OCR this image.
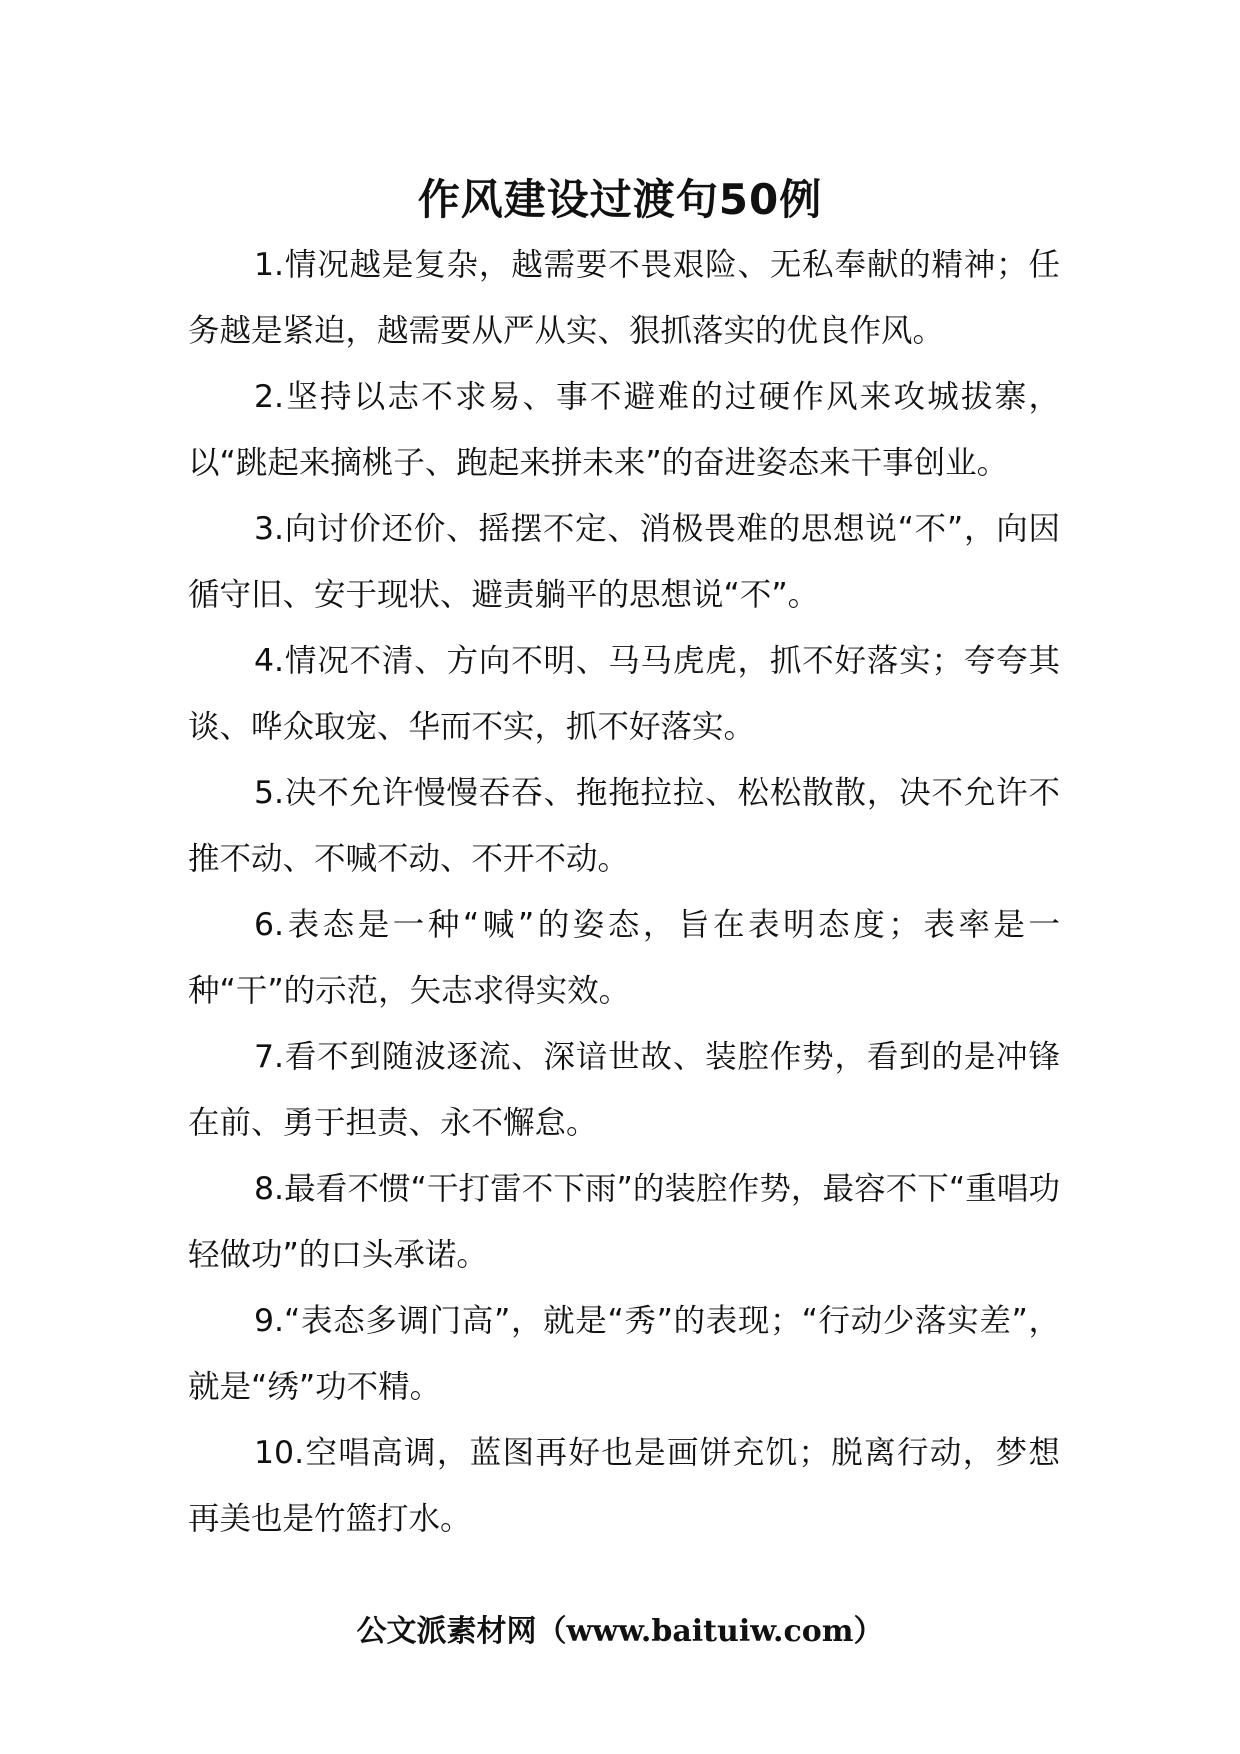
作风建设过渡句50例

1.情况越是复杂，越需要不畏艰险、无私奉献的精神；任务越是紧迫，越需要从严从实、狠抓落实的优良作风。

2.坚持以志不求易、事不避难的过硬作风来攻城拔寨，以“跳起来摘桃子、跑起来拼未来”的奋进姿态来干事创业。

3.向讨价还价、摇摆不定、消极畏难的思想说“不”，向因循守旧、安于现状、避责躺平的思想说“不”。

4.情况不清、方向不明、马马虎虎，抓不好落实；夸夸其谈、哗众取宠、华而不实，抓不好落实。

5.决不允许慢慢吞吞、拖拖拉拉、松松散散，决不允许不推不动、不喊不动、不开不动。

6.表态是一种“喊”的姿态，旨在表明态度；表率是一种“干”的示范，矢志求得实效。

7.看不到随波逐流、深谙世故、装腔作势，看到的是冲锋在前、勇于担责、永不懈怠。

8.最看不惯“干打雷不下雨”的装腔作势，最容不下“重唱功轻做功”的口头承诺。

9.“表态多调门高”，就是“秀”的表现；“行动少落实差”，就是“绣”功不精。

10.空唱高调，蓝图再好也是画饼充饥；脱离行动，梦想再美也是竹篮打水。

公文派素材网（www.baituiw.com）
